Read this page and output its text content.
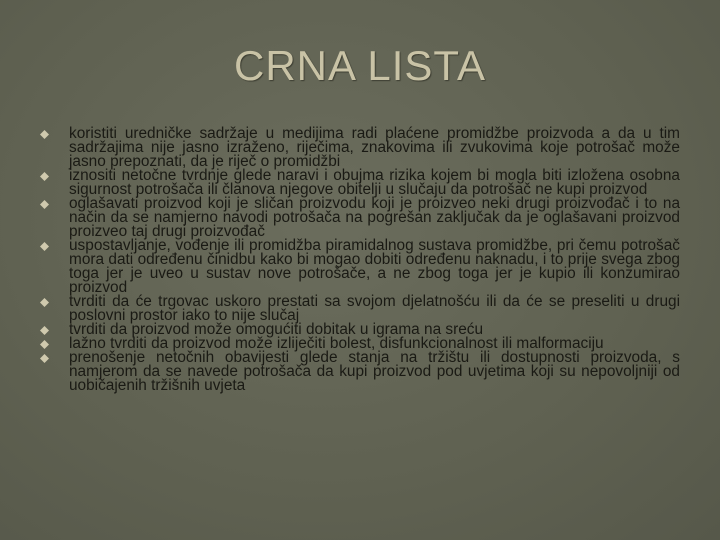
CRNA LISTA
koristiti uredničke sadržaje u medijima radi plaćene promidžbe proizvoda a da u tim sadržajima nije jasno izraženo, riječima, znakovima ili zvukovima koje potrošač može jasno prepoznati, da je riječ o promidžbi
iznositi netočne tvrdnje glede naravi i obujma rizika kojem bi mogla biti izložena osobna sigurnost potrošača ili članova njegove obitelji u slučaju da potrošač ne kupi proizvod
oglašavati proizvod koji je sličan proizvodu koji je proizveo neki drugi proizvođač i to na način da se namjerno navodi potrošača na pogrešan zaključak da je oglašavani proizvod proizveo taj drugi proizvođač
uspostavljanje, vođenje ili promidžba piramidalnog sustava promidžbe, pri čemu potrošač mora dati određenu činidbu kako bi mogao dobiti određenu naknadu, i to prije svega zbog toga jer je uveo u sustav nove potrošače, a ne zbog toga jer je kupio ili konzumirao proizvod
tvrditi da će trgovac uskoro prestati sa svojom djelatnošću ili da će se preseliti u drugi poslovni prostor iako to nije slučaj
tvrditi da proizvod može omogućiti dobitak u igrama na sreću
lažno tvrditi da proizvod može izliječiti bolest, disfunkcionalnost ili malformaciju
prenošenje netočnih obavijesti glede stanja na tržištu ili dostupnosti proizvoda, s namjerom da se navede potrošača da kupi proizvod pod uvjetima koji su nepovoljniji od uobičajenih tržišnih uvjeta
